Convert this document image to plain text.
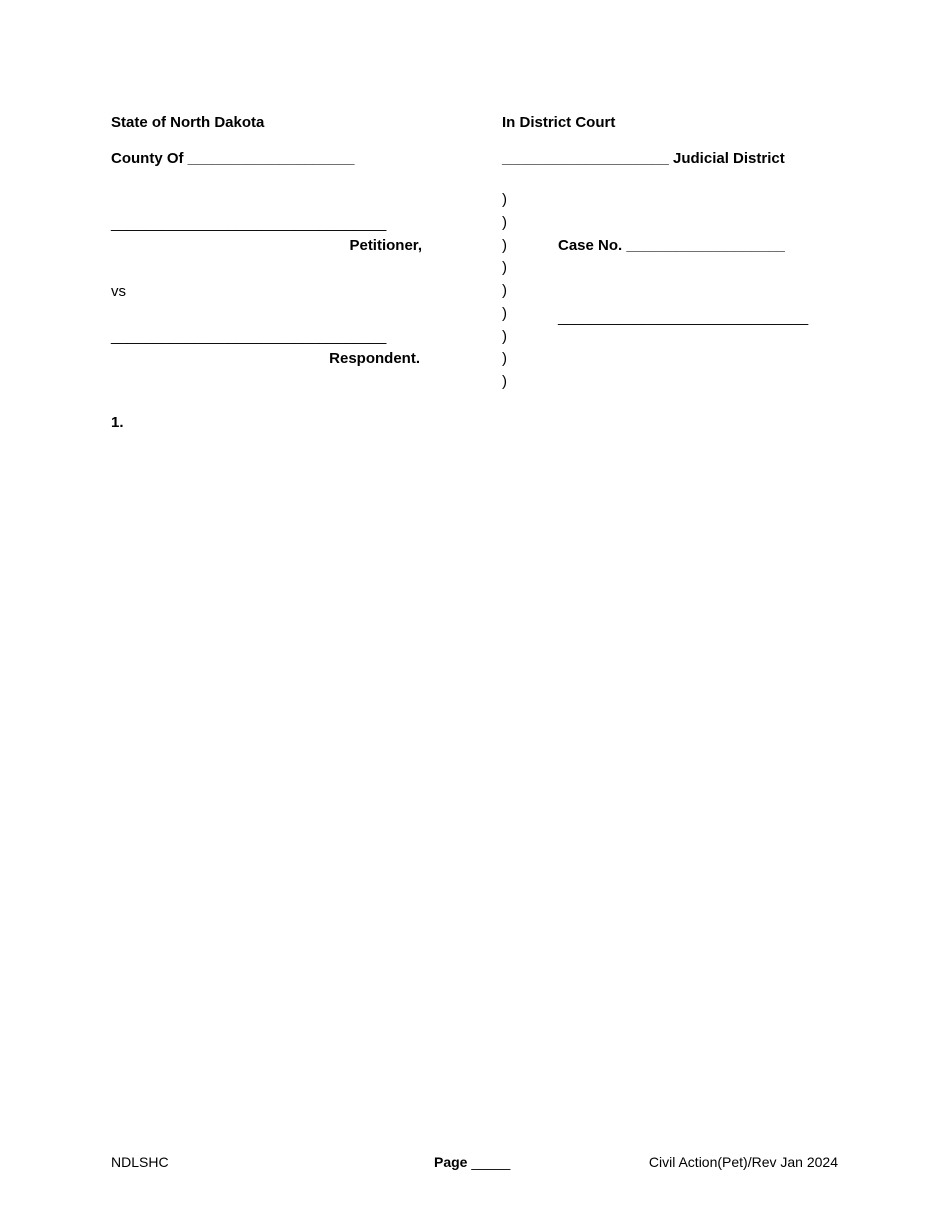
State of North Dakota	In District Court
County Of ____________________	____________________ Judicial District
_________________________________
Petitioner,
vs
_________________________________
Respondent.
)
)
)
)
)
)
)
)
)
Case No. ___________________
______________________________
1.
NDLSHC	Page _____	Civil Action(Pet)/Rev Jan 2024
